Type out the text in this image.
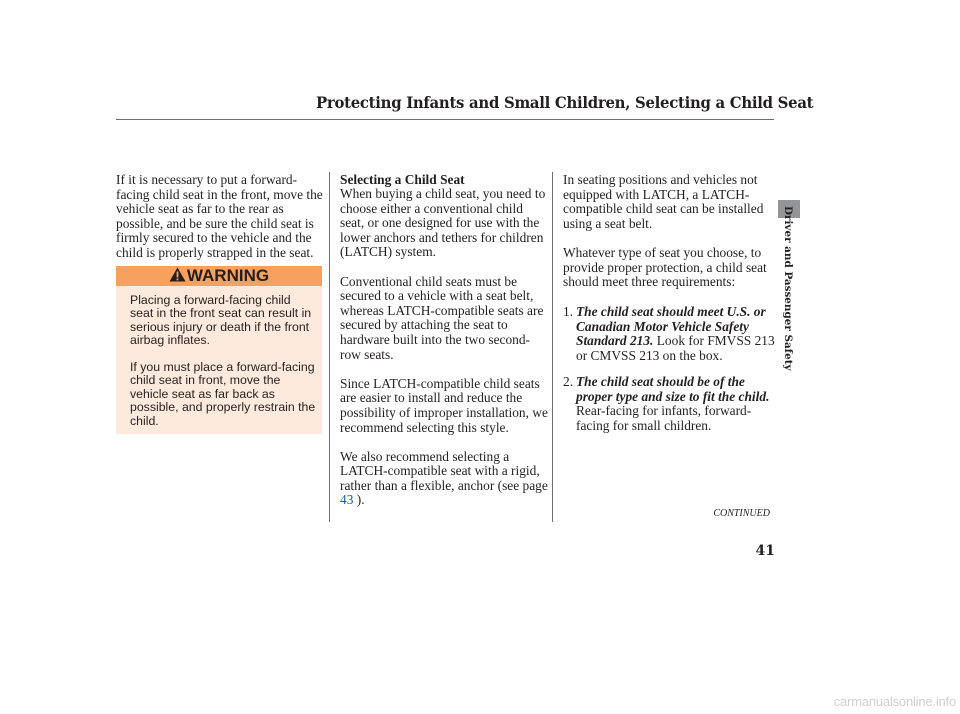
Protecting Infants and Small Children, Selecting a Child Seat

If it is necessary to put a forward-facing child seat in the front, move the vehicle seat as far to the rear as possible, and be sure the child seat is firmly secured to the vehicle and the child is properly strapped in the seat.

WARNING

Placing a forward-facing child seat in the front seat can result in serious injury or death if the front airbag inflates.

If you must place a forward-facing child seat in front, move the vehicle seat as far back as possible, and properly restrain the child.

Selecting a Child Seat

When buying a child seat, you need to choose either a conventional child seat, or one designed for use with the lower anchors and tethers for children (LATCH) system.

Conventional child seats must be secured to a vehicle with a seat belt, whereas LATCH-compatible seats are secured by attaching the seat to hardware built into the two second-row seats.

Since LATCH-compatible child seats are easier to install and reduce the possibility of improper installation, we recommend selecting this style.

We also recommend selecting a LATCH-compatible seat with a rigid, rather than a flexible, anchor (see page 43 ).

In seating positions and vehicles not equipped with LATCH, a LATCH-compatible child seat can be installed using a seat belt.

Whatever type of seat you choose, to provide proper protection, a child seat should meet three requirements:

1. The child seat should meet U.S. or Canadian Motor Vehicle Safety Standard 213. Look for FMVSS 213 or CMVSS 213 on the box.
2. The child seat should be of the proper type and size to fit the child. Rear-facing for infants, forward-facing for small children.
Driver and Passenger Safety
CONTINUED
41
carmanualsonline.info
